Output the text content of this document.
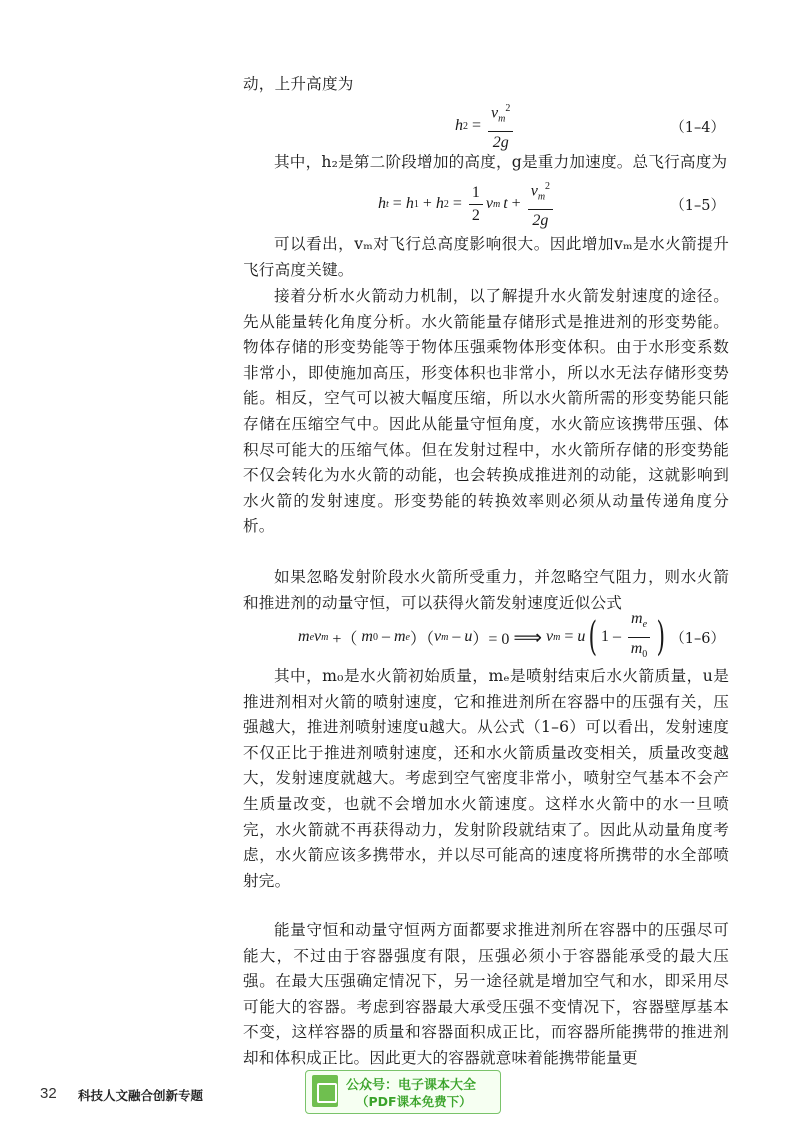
动，上升高度为

h $2 = \frac{v_m^2}{2g}$	（1–4）

其中，h₂是第二阶段增加的高度，g是重力加速度。总飞行高度为

h t = h 1 + h $2 = \frac{1}{2}$ v m $t + \frac{v_m^2}{2g}$	（1–5）

可以看出，vₘ对飞行总高度影响很大。因此增加vₘ是水火箭提升飞行高度关键。

接着分析水火箭动力机制，以了解提升水火箭发射速度的途径。先从能量转化角度分析。水火箭能量存储形式是推进剂的形变势能。物体存储的形变势能等于物体压强乘物体形变体积。由于水形变系数非常小，即使施加高压，形变体积也非常小，所以水无法存储形变势能。相反，空气可以被大幅度压缩，所以水火箭所需的形变势能只能存储在压缩空气中。因此从能量守恒角度，水火箭应该携带压强、体积尽可能大的压缩气体。但在发射过程中，水火箭所存储的形变势能不仅会转化为水火箭的动能，也会转换成推进剂的动能，这就影响到水火箭的发射速度。形变势能的转换效率则必须从动量传递角度分析。

如果忽略发射阶段水火箭所受重力，并忽略空气阻力，则水火箭和推进剂的动量守恒，可以获得火箭发射速度近似公式

m e v m +（ m 0 – m e ）（ v m – u ）= 0 ⟹ v m = u ( $1 - \frac{m_e}{m_0}$ ) （1–6）

其中，m₀是水火箭初始质量，mₑ是喷射结束后水火箭质量，u是推进剂相对火箭的喷射速度，它和推进剂所在容器中的压强有关，压强越大，推进剂喷射速度u越大。从公式（1–6）可以看出，发射速度不仅正比于推进剂喷射速度，还和水火箭质量改变相关，质量改变越大，发射速度就越大。考虑到空气密度非常小，喷射空气基本不会产生质量改变，也就不会增加水火箭速度。这样水火箭中的水一旦喷完，水火箭就不再获得动力，发射阶段就结束了。因此从动量角度考虑，水火箭应该多携带水，并以尽可能高的速度将所携带的水全部喷射完。

能量守恒和动量守恒两方面都要求推进剂所在容器中的压强尽可能大，不过由于容器强度有限，压强必须小于容器能承受的最大压强。在最大压强确定情况下，另一途径就是增加空气和水，即采用尽可能大的容器。考虑到容器最大承受压强不变情况下，容器壁厚基本不变，这样容器的质量和容器面积成正比，而容器所能携带的推进剂却和体积成正比。因此更大的容器就意味着能携带能量更

32 科技人文融合创新专题
公众号：电子课本大全
（PDF课本免费下）
